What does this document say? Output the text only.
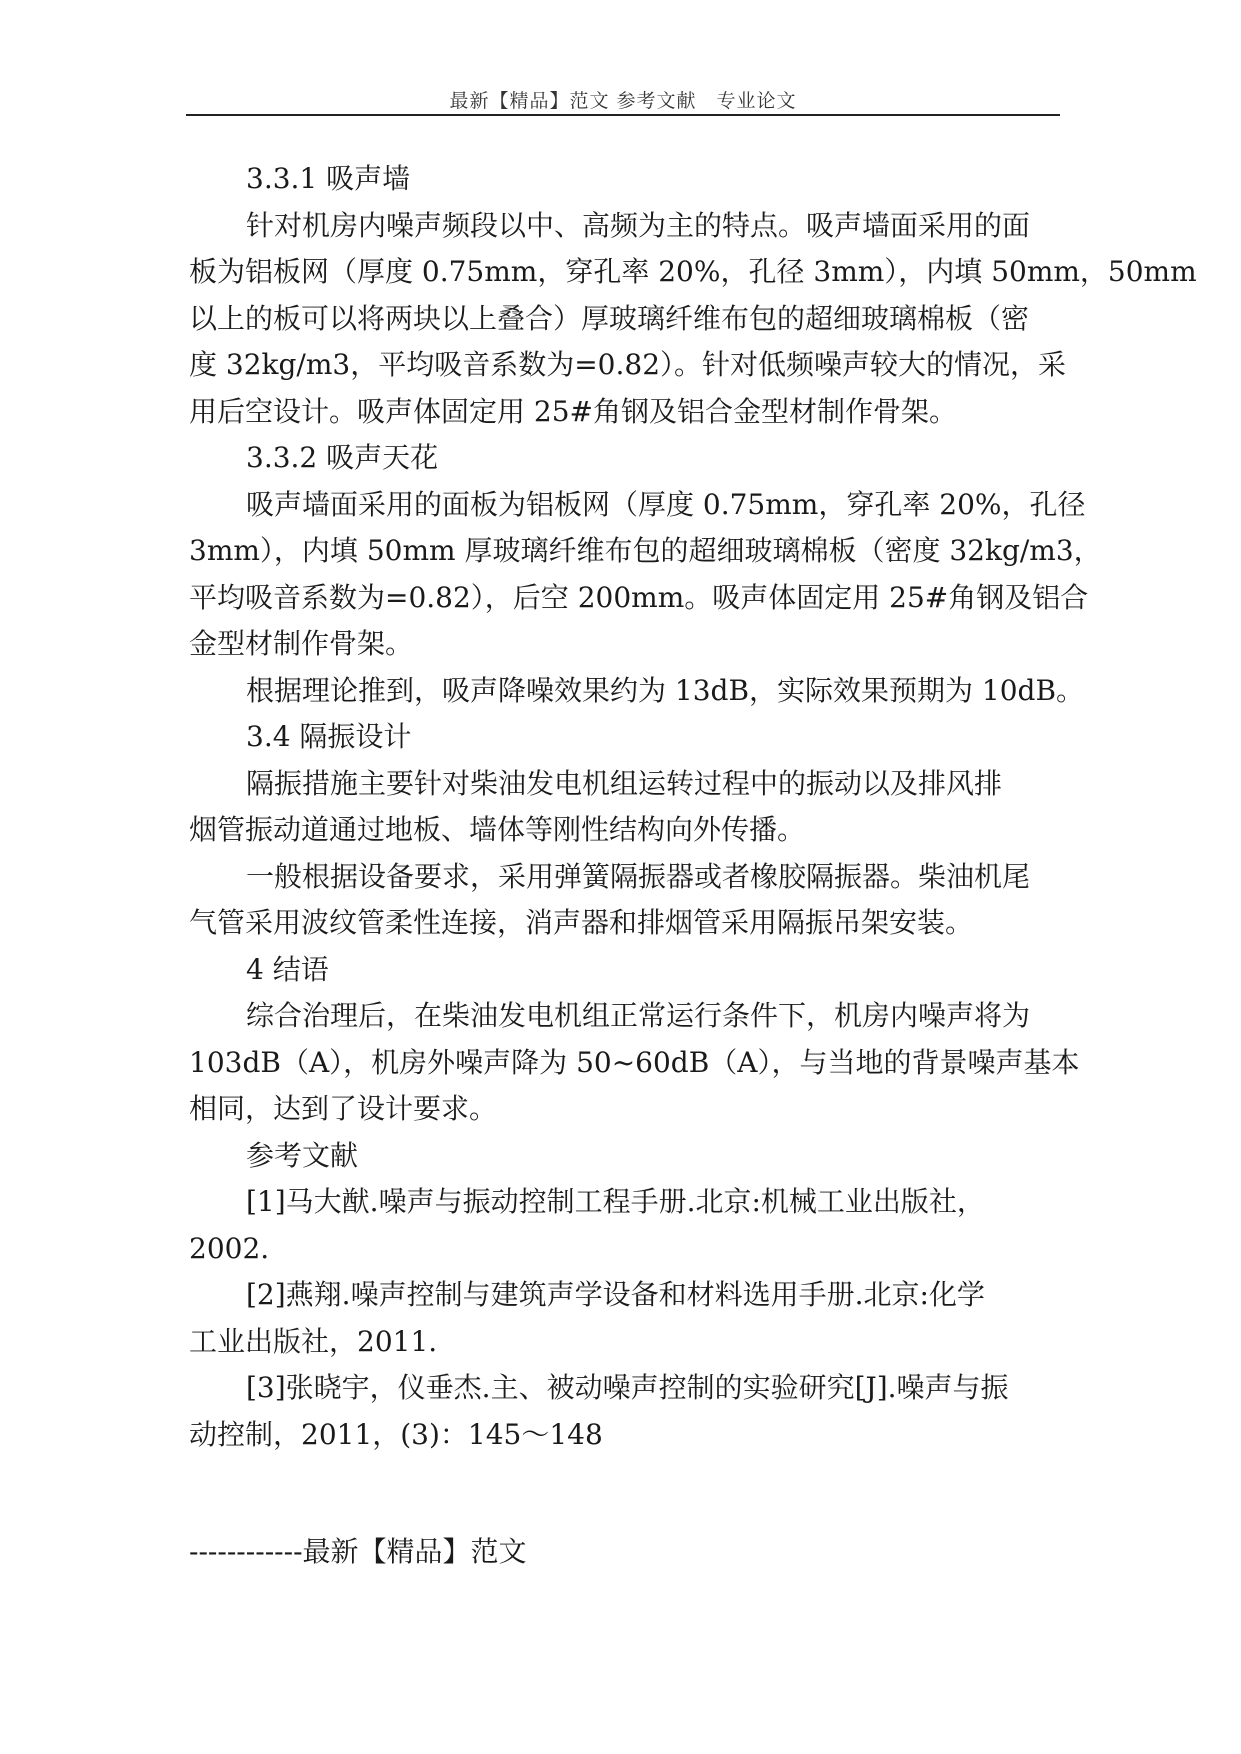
最新【精品】范文 参考文献　专业论文
3.3.1 吸声墙
针对机房内噪声频段以中、高频为主的特点。吸声墙面采用的面
板为铝板网（厚度 0.75mm，穿孔率 20%，孔径 3mm），内填 50mm，50mm
以上的板可以将两块以上叠合）厚玻璃纤维布包的超细玻璃棉板（密
度 32kg/m3，平均吸音系数为=0.82）。针对低频噪声较大的情况，采
用后空设计。吸声体固定用 25#角钢及铝合金型材制作骨架。
3.3.2 吸声天花
吸声墙面采用的面板为铝板网（厚度 0.75mm，穿孔率 20%，孔径
3mm），内填 50mm 厚玻璃纤维布包的超细玻璃棉板（密度 32kg/m3，
平均吸音系数为=0.82），后空 200mm。吸声体固定用 25#角钢及铝合
金型材制作骨架。
根据理论推到，吸声降噪效果约为 13dB，实际效果预期为 10dB。
3.4 隔振设计
隔振措施主要针对柴油发电机组运转过程中的振动以及排风排
烟管振动道通过地板、墙体等刚性结构向外传播。
一般根据设备要求，采用弹簧隔振器或者橡胶隔振器。柴油机尾
气管采用波纹管柔性连接，消声器和排烟管采用隔振吊架安装。
4 结语
综合治理后，在柴油发电机组正常运行条件下，机房内噪声将为
103dB（A），机房外噪声降为 50~60dB（A），与当地的背景噪声基本
相同，达到了设计要求。
参考文献
[1]马大猷.噪声与振动控制工程手册.北京:机械工业出版社，
2002.
[2]燕翔.噪声控制与建筑声学设备和材料选用手册.北京:化学
工业出版社，2011.
[3]张晓宇，仪垂杰.主、被动噪声控制的实验研究[J].噪声与振
动控制，2011，(3)：145～148
------------最新【精品】范文
